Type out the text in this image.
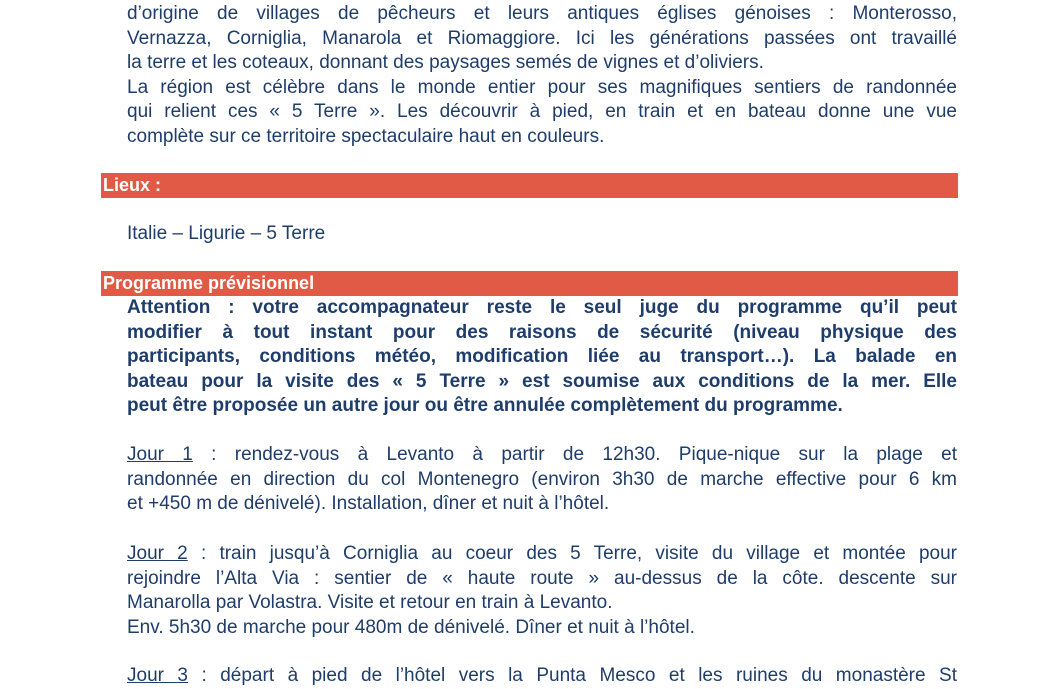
d’origine de villages de pêcheurs et leurs antiques églises génoises : Monterosso,
Vernazza, Corniglia, Manarola et Riomaggiore. Ici les générations passées ont travaillé
la terre et les coteaux, donnant des paysages semés de vignes et d’oliviers.
La région est célèbre dans le monde entier pour ses magnifiques sentiers de randonnée
qui relient ces « 5 Terre ». Les découvrir à pied, en train et en bateau donne une vue
complète sur ce territoire spectaculaire haut en couleurs.
Lieux :
Italie – Ligurie – 5 Terre
Programme prévisionnel
Attention : votre accompagnateur reste le seul juge du programme qu’il peut
modifier à tout instant pour des raisons de sécurité (niveau physique des
participants, conditions météo, modification liée au transport…). La balade en
bateau pour la visite des « 5 Terre » est soumise aux conditions de la mer. Elle
peut être proposée un autre jour ou être annulée complètement du programme.
Jour 1 : rendez-vous à Levanto à partir de 12h30. Pique-nique sur la plage et
randonnée en direction du col Montenegro (environ 3h30 de marche effective pour 6 km
et +450 m de dénivelé). Installation, dîner et nuit à l’hôtel.
Jour 2 : train jusqu’à Corniglia au coeur des 5 Terre, visite du village et montée pour
rejoindre l’Alta Via : sentier de « haute route » au-dessus de la côte. descente sur
Manarolla par Volastra. Visite et retour en train à Levanto.
Env. 5h30 de marche pour 480m de dénivelé. Dîner et nuit à l’hôtel.
Jour 3 : départ à pied de l’hôtel vers la Punta Mesco et les ruines du monastère St
